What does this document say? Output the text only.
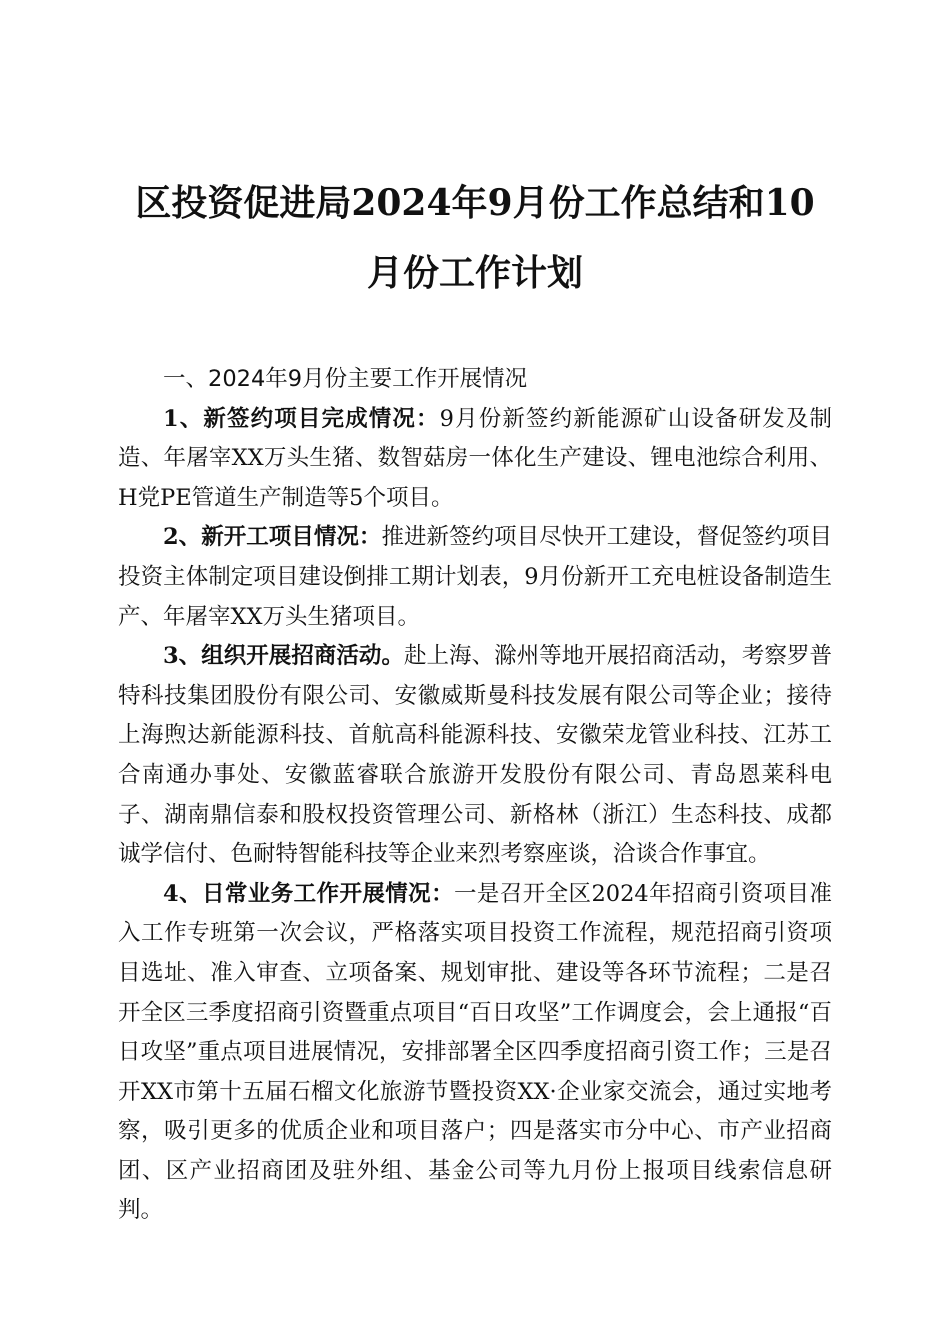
区投资促进局2024年9月份工作总结和10月份工作计划

一、2024年9月份主要工作开展情况

1、新签约项目完成情况：9月份新签约新能源矿山设备研发及制造、年屠宰XX万头生猪、数智菇房一体化生产建设、锂电池综合利用、H党PE管道生产制造等5个项目。

2、新开工项目情况：推进新签约项目尽快开工建设，督促签约项目投资主体制定项目建设倒排工期计划表，9月份新开工充电桩设备制造生产、年屠宰XX万头生猪项目。

3、组织开展招商活动。赴上海、滁州等地开展招商活动，考察罗普特科技集团股份有限公司、安徽威斯曼科技发展有限公司等企业；接待上海煦达新能源科技、首航高科能源科技、安徽荣龙管业科技、江苏工合南通办事处、安徽蓝睿联合旅游开发股份有限公司、青岛恩莱科电子、湖南鼎信泰和股权投资管理公司、新格林（浙江）生态科技、成都诚学信付、色耐特智能科技等企业来烈考察座谈，洽谈合作事宜。

4、日常业务工作开展情况：一是召开全区2024年招商引资项目准入工作专班第一次会议，严格落实项目投资工作流程，规范招商引资项目选址、准入审查、立项备案、规划审批、建设等各环节流程；二是召开全区三季度招商引资暨重点项目“百日攻坚”工作调度会，会上通报“百日攻坚”重点项目进展情况，安排部署全区四季度招商引资工作；三是召开XX市第十五届石榴文化旅游节暨投资XX·企业家交流会，通过实地考察，吸引更多的优质企业和项目落户；四是落实市分中心、市产业招商团、区产业招商团及驻外组、基金公司等九月份上报项目线索信息研判。
